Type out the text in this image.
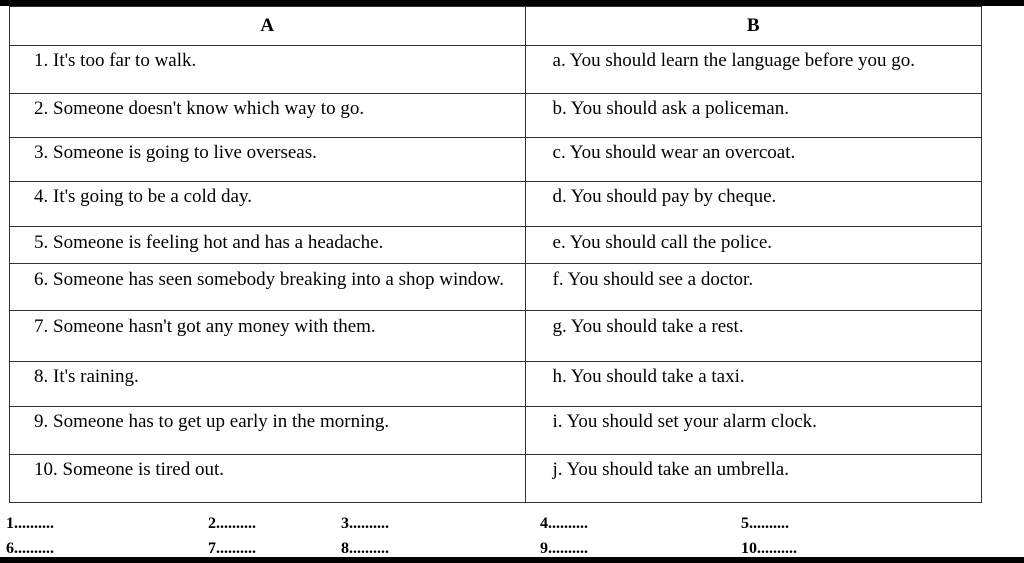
A	B

1. It's too far to walk.	a. You should learn the language before you go.

2. Someone doesn't know which way to go.	b. You should ask a policeman.

3. Someone is going to live overseas.	c. You should wear an overcoat.

4. It's going to be a cold day.	d. You should pay by cheque.

5. Someone is feeling hot and has a headache.	e. You should call the police.

6. Someone has seen somebody breaking into a shop window.	f. You should see a doctor.

7. Someone hasn't got any money with them.	g. You should take a rest.

8. It's raining.	h. You should take a taxi.

9. Someone has to get up early in the morning.	i. You should set your alarm clock.

10. Someone is tired out.	j. You should take an umbrella.
1..........	2..........	3..........	4..........	5..........
6..........	7..........	8..........	9..........	10..........
